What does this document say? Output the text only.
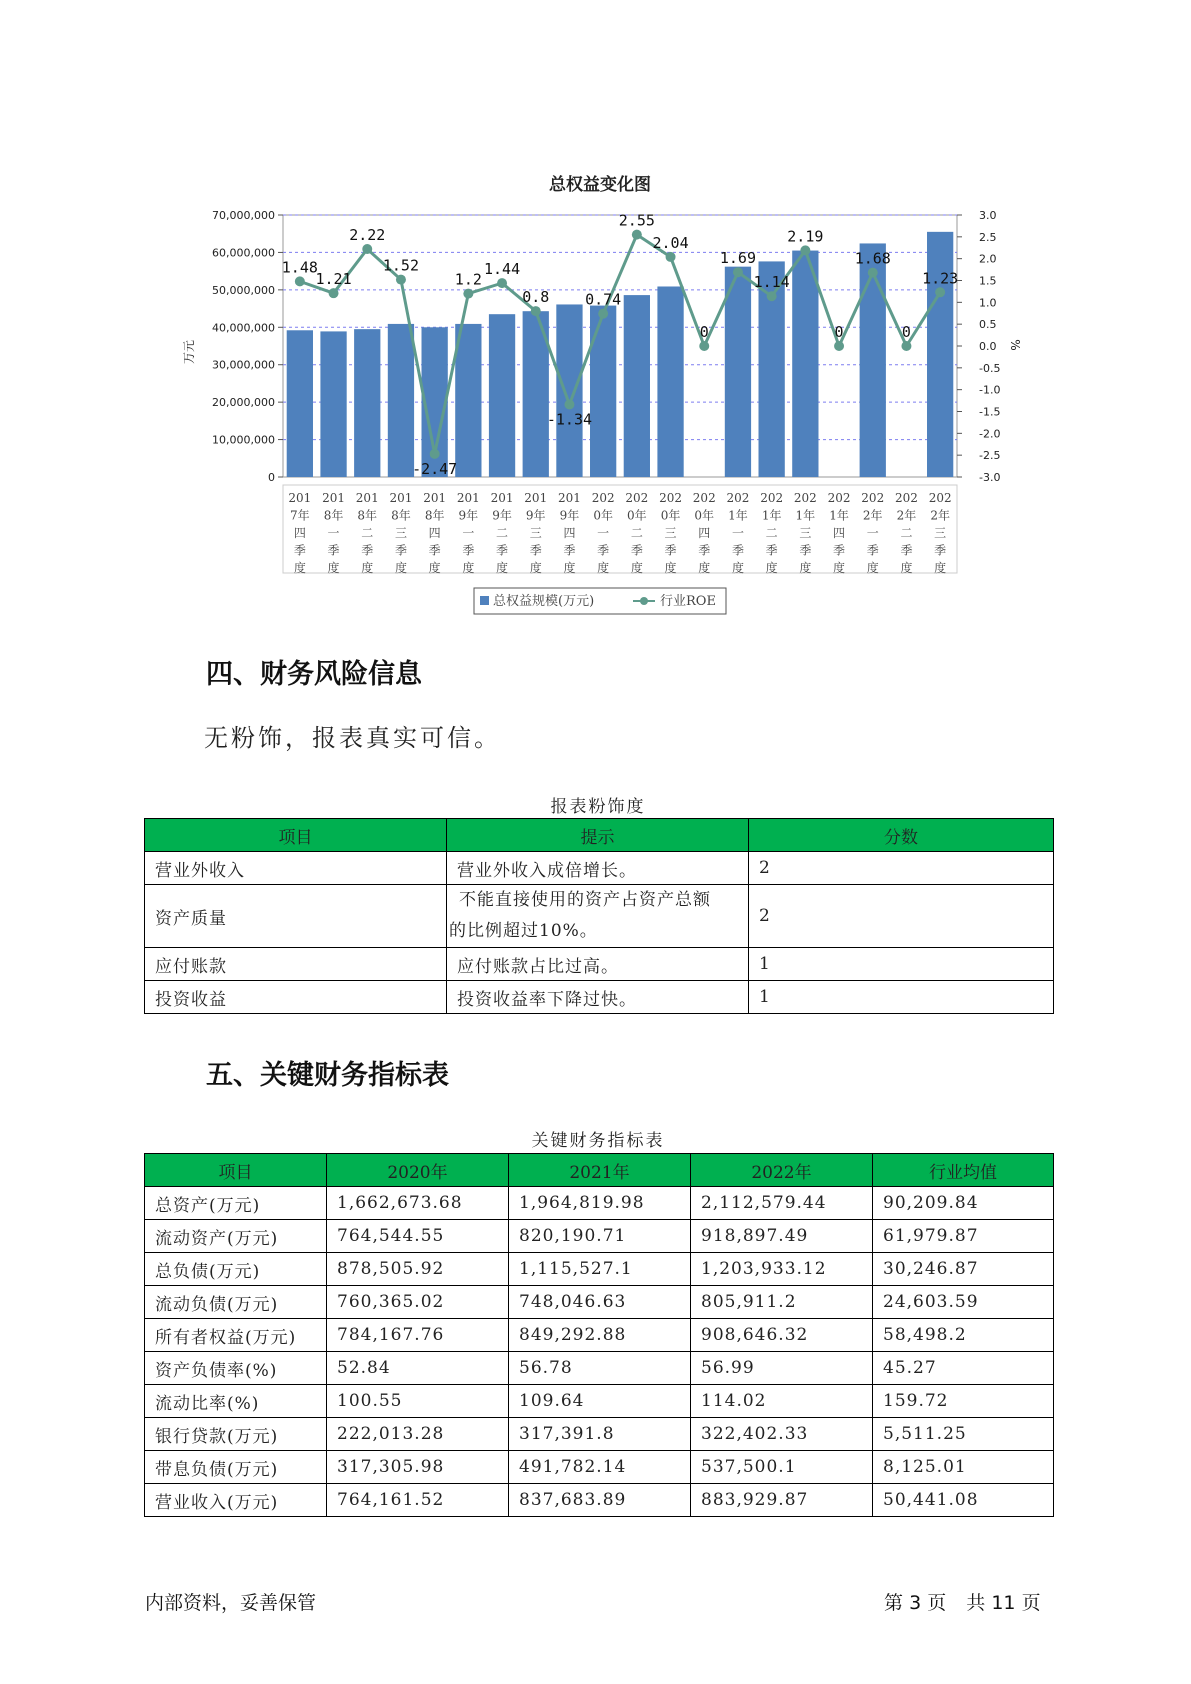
总权益变化图
1.48
1.21
2.22
1.52
-2.47
1.2
1.44
0.8
-1.34
0.74
2.55
2.04
0
1.69
1.14
2.19
0
1.68
0
1.23
0
10,000,000
20,000,000
30,000,000
40,000,000
50,000,000
60,000,000
70,000,000	3.0
2.5
2.0
1.5
1.0
0.5
0.0
-0.5
-1.0
-1.5
-2.0
-2.5
-3.0
201 7年四季度
201 8年一季度
201 8年二季度
201 8年三季度
201 8年四季度
201 9年一季度
201 9年二季度
201 9年三季度
201 9年四季度
202 0年一季度
202 0年二季度
202 0年三季度
202 0年四季度
202 1年一季度
202 1年二季度
202 1年三季度
202 1年四季度
202 2年一季度
202 2年二季度
202 2年三季度
万元	%
总权益规模(万元)	行业ROE
四、财务风险信息

无粉饰，报表真实可信。

报表粉饰度
项目	提示	分数
营业外收入	营业外收入成倍增长。	2
资产质量	不能直接使用的资产占资产总额
的比例超过10%。	2
应付账款	应付账款占比过高。	1
投资收益	投资收益率下降过快。	1
五、关键财务指标表
关键财务指标表
项目	2020年	2021年	2022年	行业均值
总资产(万元)	1,662,673.68	1,964,819.98	2,112,579.44	90,209.84
流动资产(万元)	764,544.55	820,190.71	918,897.49	61,979.87
总负债(万元)	878,505.92	1,115,527.1	1,203,933.12	30,246.87
流动负债(万元)	760,365.02	748,046.63	805,911.2	24,603.59
所有者权益(万元)	784,167.76	849,292.88	908,646.32	58,498.2
资产负债率(%)	52.84	56.78	56.99	45.27
流动比率(%)	100.55	109.64	114.02	159.72
银行贷款(万元)	222,013.28	317,391.8	322,402.33	5,511.25
带息负债(万元)	317,305.98	491,782.14	537,500.1	8,125.01
营业收入(万元)	764,161.52	837,683.89	883,929.87	50,441.08
内部资料，妥善保管	第 3 页 共 11 页
